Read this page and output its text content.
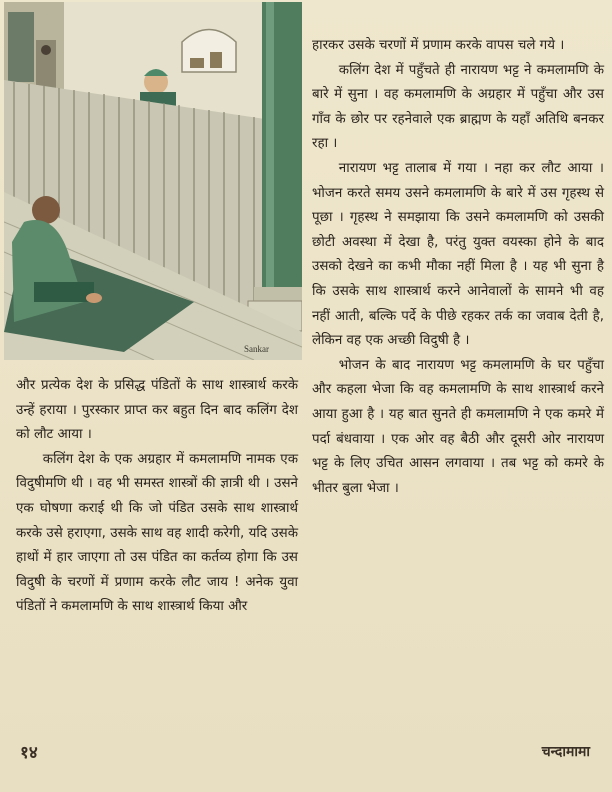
Sankar

हारकर उसके चरणों में प्रणाम करके वापस चले गये ।

कलिंग देश में पहुँचते ही नारायण भट्ट ने कमलामणि के बारे में सुना । वह कमलामणि के अग्रहार में पहुँचा और उस गाँव के छोर पर रहनेवाले एक ब्राह्मण के यहाँ अतिथि बनकर रहा ।

नारायण भट्ट तालाब में गया । नहा कर लौट आया । भोजन करते समय उसने कमलामणि के बारे में उस गृहस्थ से पूछा । गृहस्थ ने समझाया कि उसने कमलामणि को उसकी छोटी अवस्था में देखा है, परंतु युक्त वयस्का होने के बाद उसको देखने का कभी मौका नहीं मिला है । यह भी सुना है कि उसके साथ शास्त्रार्थ करने आनेवालों के सामने भी वह नहीं आती, बल्कि पर्दे के पीछे रहकर तर्क का जवाब देती है, लेकिन वह एक अच्छी विदुषी है ।

भोजन के बाद नारायण भट्ट कमलामणि के घर पहुँचा और कहला भेजा कि वह कमलामणि के साथ शास्त्रार्थ करने आया हुआ है । यह बात सुनते ही कमलामणि ने एक कमरे में पर्दा बंधवाया । एक ओर वह बैठी और दूसरी ओर नारायण भट्ट के लिए उचित आसन लगवाया । तब भट्ट को कमरे के भीतर बुला भेजा ।

और प्रत्येक देश के प्रसिद्ध पंडितों के साथ शास्त्रार्थ करके उन्हें हराया । पुरस्कार प्राप्त कर बहुत दिन बाद कलिंग देश को लौट आया ।

कलिंग देश के एक अग्रहार में कमलामणि नामक एक विदुषीमणि थी । वह भी समस्त शास्त्रों की ज्ञात्री थी । उसने एक घोषणा कराई थी कि जो पंडित उसके साथ शास्त्रार्थ करके उसे हराएगा, उसके साथ वह शादी करेगी, यदि उसके हाथों में हार जाएगा तो उस पंडित का कर्तव्य होगा कि उस विदुषी के चरणों में प्रणाम करके लौट जाय ! अनेक युवा पंडितों ने कमलामणि के साथ शास्त्रार्थ किया और

१४	चन्दामामा
